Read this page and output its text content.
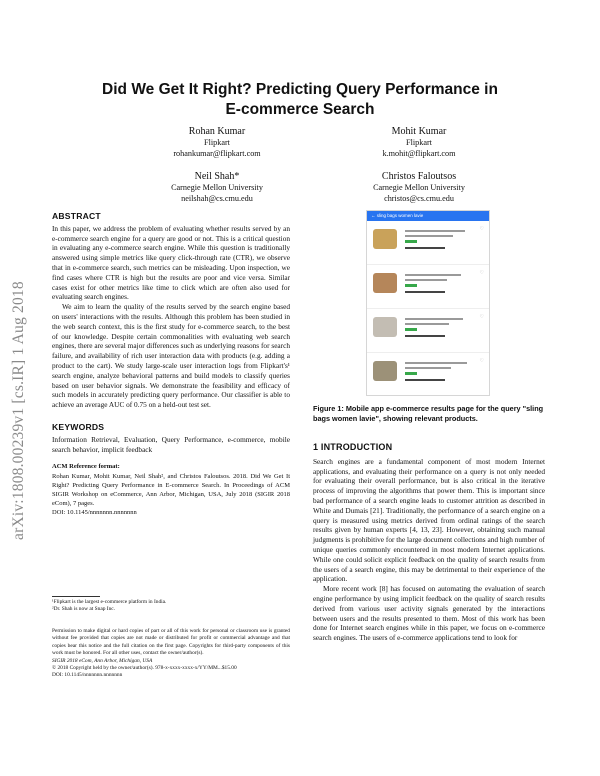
arXiv:1808.00239v1 [cs.IR] 1 Aug 2018
Did We Get It Right? Predicting Query Performance in
E-commerce Search
Rohan Kumar
Flipkart
rohankumar@flipkart.com
Mohit Kumar
Flipkart
k.mohit@flipkart.com
Neil Shah*
Carnegie Mellon University
neilshah@cs.cmu.edu
Christos Faloutsos
Carnegie Mellon University
christos@cs.cmu.edu
ABSTRACT

In this paper, we address the problem of evaluating whether results served by an e-commerce search engine for a query are good or not. This is a critical question in evaluating any e-commerce search engine. While this question is traditionally answered using simple metrics like query click-through rate (CTR), we observe that in e-commerce search, such metrics can be misleading. Upon inspection, we find cases where CTR is high but the results are poor and vice versa. Similar cases exist for other metrics like time to click which are often also used for evaluating search engines.

We aim to learn the quality of the results served by the search engine based on users' interactions with the results. Although this problem has been studied in the web search context, this is the first study for e-commerce search, to the best of our knowledge. Despite certain commonalities with evaluating web search engines, there are several major differences such as underlying reasons for search failure, and availability of rich user interaction data with products (e.g. adding a product to the cart). We study large-scale user interaction logs from Flipkart's¹ search engine, analyze behavioral patterns and build models to classify queries based on user behavior signals. We demonstrate the feasibility and efficacy of such models in accurately predicting query performance. Our classifier is able to achieve an average AUC of 0.75 on a held-out test set.

KEYWORDS

Information Retrieval, Evaluation, Query Performance, e-commerce, mobile search behavior, implicit feedback

ACM Reference format:

Rohan Kumar, Mohit Kumar, Neil Shah², and Christos Faloutsos. 2018. Did We Get It Right? Predicting Query Performance in E-commerce Search. In Proceedings of ACM SIGIR Workshop on eCommerce, Ann Arbor, Michigan, USA, July 2018 (SIGIR 2018 eCom), 7 pages.

DOI: 10.1145/nnnnnnn.nnnnnnn

¹Flipkart is the largest e-commerce platform in India.
²Dr. Shah is now at Snap Inc.
Permission to make digital or hard copies of part or all of this work for personal or classroom use is granted without fee provided that copies are not made or distributed for profit or commercial advantage and that copies bear this notice and the full citation on the first page. Copyrights for third-party components of this work must be honored. For all other uses, contact the owner/author(s).
SIGIR 2018 eCom, Ann Arbor, Michigan, USA
© 2018 Copyright held by the owner/author(s). 978-x-xxxx-xxxx-x/YY/MM...$15.00
DOI: 10.1145/nnnnnnn.nnnnnnn
← sling bags women lavie
♡
♡
♡
♡
Figure 1: Mobile app e-commerce results page for the query "sling bags women lavie", showing relevant products.
1 INTRODUCTION

Search engines are a fundamental component of most modern Internet applications, and evaluating their performance on a query is not only needed for evaluating their overall performance, but is also critical in the iterative process of improving the algorithms that power them. This is important since bad performance of a search engine leads to customer attrition as described in White and Dumais [21]. Traditionally, the performance of a search engine on a query is measured using metrics derived from ordinal ratings of the search results given by human experts [4, 13, 23]. However, obtaining such manual judgments is prohibitive for the large document collections and high number of unique queries commonly encountered in most modern Internet applications. While one could solicit explicit feedback on the quality of search results from the users of a search engine, this may be detrimental to their experience of the application.

More recent work [8] has focused on automating the evaluation of search engine performance by using implicit feedback on the quality of search results derived from various user activity signals generated by the interactions between users and the results presented to them. Most of this work has been done for Internet search engines while in this paper, we focus on e-commerce search engines. The users of e-commerce applications tend to look for
